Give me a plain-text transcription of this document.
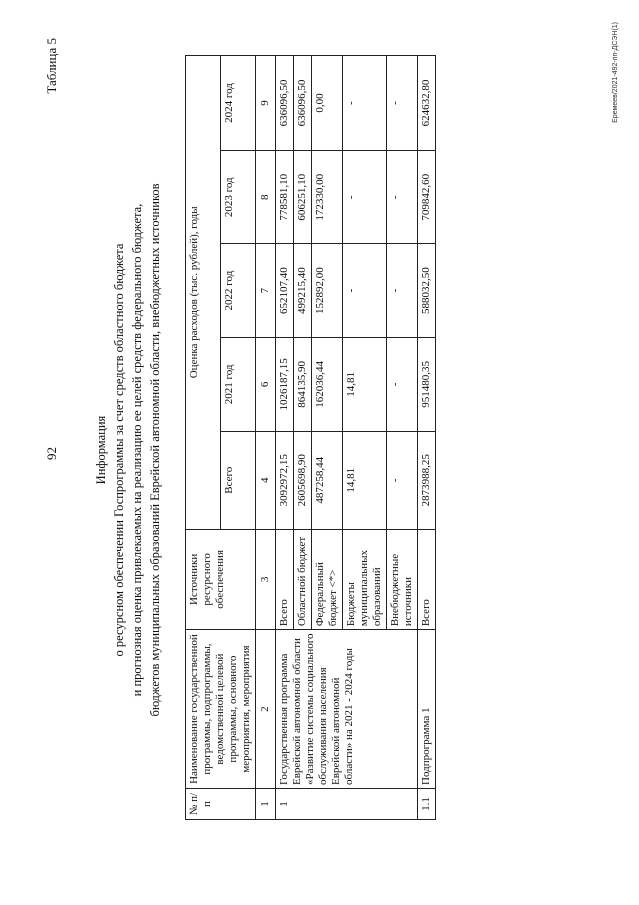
92
Таблица 5
Информация о ресурсном обеспечении Госпрограммы за счет средств областного бюджета и прогнозная оценка привлекаемых на реализацию ее целей средств федерального бюджета, бюджетов муниципальных образований Еврейской автономной области, внебюджетных источников
№ п/п	Наименование государственной программы, подпрограммы, ведомственной целевой программы, основного мероприятия, мероприятия	Источники ресурсного обеспечения	Оценка расходов (тыс. рублей), годы				
			Всего	2021 год	2022 год	2023 год	2024 год
1	2	3	4	6	7	8	9
1	Государственная программа Еврейской автономной области «Развитие системы социального обслуживания населения Еврейской автономной области» на 2021 - 2024 годы	Всего	3092972,15	1026187,15	652107,40	778581,10	636096,50
		Областной бюджет	2605698,90	864135,90	499215,40	606251,10	636096,50
		Федеральный бюджет <*>	487258,44	162036,44	152892,00	172330,00	0,00
		Бюджеты муниципальных образований	14,81	14,81	-	-	-
		Внебюджетные источники	-	-	-	-	-
1.1	Подпрограмма 1	Всего	2873988,25	951480,35	588032,50	709842,60	624632,80	Еремеев/2021-492-пп-ДСЭН(1)
